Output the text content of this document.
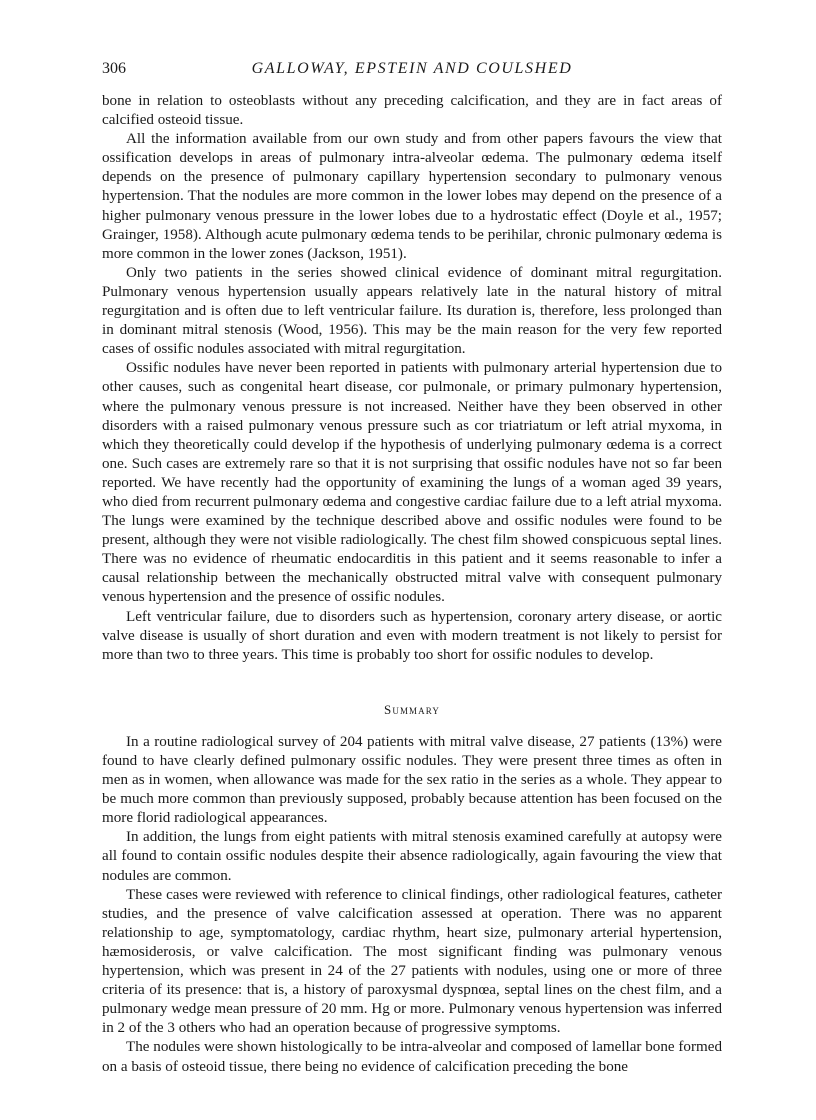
306	GALLOWAY, EPSTEIN AND COULSHED

bone in relation to osteoblasts without any preceding calcification, and they are in fact areas of calcified osteoid tissue.

All the information available from our own study and from other papers favours the view that ossification develops in areas of pulmonary intra-alveolar œdema. The pulmonary œdema itself depends on the presence of pulmonary capillary hypertension secondary to pulmonary venous hypertension. That the nodules are more common in the lower lobes may depend on the presence of a higher pulmonary venous pressure in the lower lobes due to a hydrostatic effect (Doyle et al., 1957; Grainger, 1958). Although acute pulmonary œdema tends to be perihilar, chronic pulmonary œdema is more common in the lower zones (Jackson, 1951).

Only two patients in the series showed clinical evidence of dominant mitral regurgitation. Pulmonary venous hypertension usually appears relatively late in the natural history of mitral regurgitation and is often due to left ventricular failure. Its duration is, therefore, less prolonged than in dominant mitral stenosis (Wood, 1956). This may be the main reason for the very few reported cases of ossific nodules associated with mitral regurgitation.

Ossific nodules have never been reported in patients with pulmonary arterial hypertension due to other causes, such as congenital heart disease, cor pulmonale, or primary pulmonary hypertension, where the pulmonary venous pressure is not increased. Neither have they been observed in other disorders with a raised pulmonary venous pressure such as cor triatriatum or left atrial myxoma, in which they theoretically could develop if the hypothesis of underlying pulmonary œdema is a correct one. Such cases are extremely rare so that it is not surprising that ossific nodules have not so far been reported. We have recently had the opportunity of examining the lungs of a woman aged 39 years, who died from recurrent pulmonary œdema and congestive cardiac failure due to a left atrial myxoma. The lungs were examined by the technique described above and ossific nodules were found to be present, although they were not visible radiologically. The chest film showed conspicuous septal lines. There was no evidence of rheumatic endocarditis in this patient and it seems reasonable to infer a causal relationship between the mechanically obstructed mitral valve with consequent pulmonary venous hypertension and the presence of ossific nodules.

Left ventricular failure, due to disorders such as hypertension, coronary artery disease, or aortic valve disease is usually of short duration and even with modern treatment is not likely to persist for more than two to three years. This time is probably too short for ossific nodules to develop.

Summary

In a routine radiological survey of 204 patients with mitral valve disease, 27 patients (13%) were found to have clearly defined pulmonary ossific nodules. They were present three times as often in men as in women, when allowance was made for the sex ratio in the series as a whole. They appear to be much more common than previously supposed, probably because attention has been focused on the more florid radiological appearances.

In addition, the lungs from eight patients with mitral stenosis examined carefully at autopsy were all found to contain ossific nodules despite their absence radiologically, again favouring the view that nodules are common.

These cases were reviewed with reference to clinical findings, other radiological features, catheter studies, and the presence of valve calcification assessed at operation. There was no apparent relationship to age, symptomatology, cardiac rhythm, heart size, pulmonary arterial hypertension, hæmosiderosis, or valve calcification. The most significant finding was pulmonary venous hypertension, which was present in 24 of the 27 patients with nodules, using one or more of three criteria of its presence: that is, a history of paroxysmal dyspnœa, septal lines on the chest film, and a pulmonary wedge mean pressure of 20 mm. Hg or more. Pulmonary venous hypertension was inferred in 2 of the 3 others who had an operation because of progressive symptoms.

The nodules were shown histologically to be intra-alveolar and composed of lamellar bone formed on a basis of osteoid tissue, there being no evidence of calcification preceding the bone
